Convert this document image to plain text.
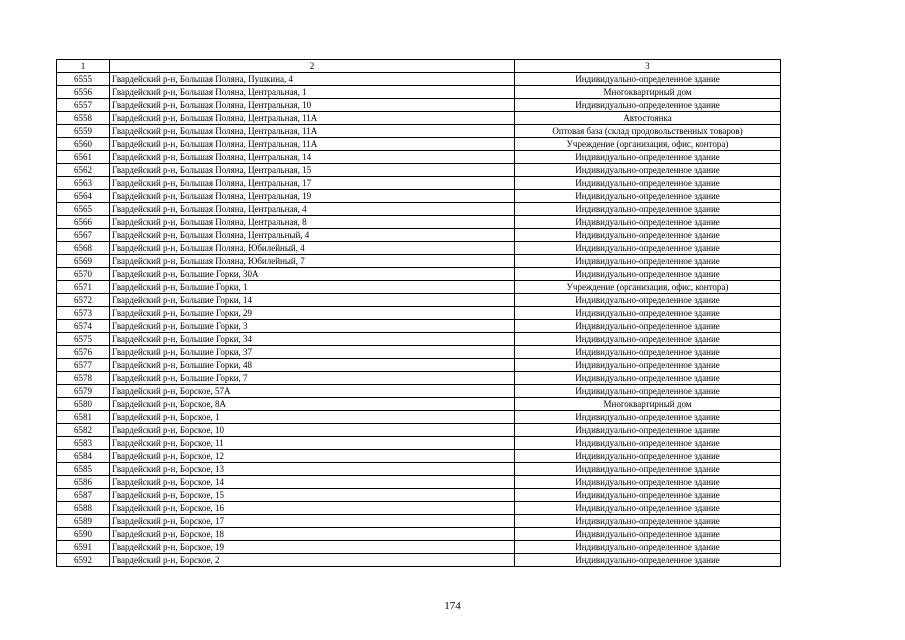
1	2	3
6555	Гвардейский р-н, Большая Поляна, Пушкина, 4	Индивидуально-определенное здание
6556	Гвардейский р-н, Большая Поляна, Центральная, 1	Многоквартирный дом
6557	Гвардейский р-н, Большая Поляна, Центральная, 10	Индивидуально-определенное здание
6558	Гвардейский р-н, Большая Поляна, Центральная, 11А	Автостоянка
6559	Гвардейский р-н, Большая Поляна, Центральная, 11А	Оптовая база (склад продовольственных товаров)
6560	Гвардейский р-н, Большая Поляна, Центральная, 11А	Учреждение (организация, офис, контора)
6561	Гвардейский р-н, Большая Поляна, Центральная, 14	Индивидуально-определенное здание
6562	Гвардейский р-н, Большая Поляна, Центральная, 15	Индивидуально-определенное здание
6563	Гвардейский р-н, Большая Поляна, Центральная, 17	Индивидуально-определенное здание
6564	Гвардейский р-н, Большая Поляна, Центральная, 19	Индивидуально-определенное здание
6565	Гвардейский р-н, Большая Поляна, Центральная, 4	Индивидуально-определенное здание
6566	Гвардейский р-н, Большая Поляна, Центральная, 8	Индивидуально-определенное здание
6567	Гвардейский р-н, Большая Поляна, Центральный, 4	Индивидуально-определенное здание
6568	Гвардейский р-н, Большая Поляна, Юбилейный, 4	Индивидуально-определенное здание
6569	Гвардейский р-н, Большая Поляна, Юбилейный, 7	Индивидуально-определенное здание
6570	Гвардейский р-н, Большие Горки, 30А	Индивидуально-определенное здание
6571	Гвардейский р-н, Большие Горки, 1	Учреждение (организация, офис, контора)
6572	Гвардейский р-н, Большие Горки, 14	Индивидуально-определенное здание
6573	Гвардейский р-н, Большие Горки, 29	Индивидуально-определенное здание
6574	Гвардейский р-н, Большие Горки, 3	Индивидуально-определенное здание
6575	Гвардейский р-н, Большие Горки, 34	Индивидуально-определенное здание
6576	Гвардейский р-н, Большие Горки, 37	Индивидуально-определенное здание
6577	Гвардейский р-н, Большие Горки, 48	Индивидуально-определенное здание
6578	Гвардейский р-н, Большие Горки, 7	Индивидуально-определенное здание
6579	Гвардейский р-н, Борское, 57А	Индивидуально-определенное здание
6580	Гвардейский р-н, Борское, 8А	Многоквартирный дом
6581	Гвардейский р-н, Борское, 1	Индивидуально-определенное здание
6582	Гвардейский р-н, Борское, 10	Индивидуально-определенное здание
6583	Гвардейский р-н, Борское, 11	Индивидуально-определенное здание
6584	Гвардейский р-н, Борское, 12	Индивидуально-определенное здание
6585	Гвардейский р-н, Борское, 13	Индивидуально-определенное здание
6586	Гвардейский р-н, Борское, 14	Индивидуально-определенное здание
6587	Гвардейский р-н, Борское, 15	Индивидуально-определенное здание
6588	Гвардейский р-н, Борское, 16	Индивидуально-определенное здание
6589	Гвардейский р-н, Борское, 17	Индивидуально-определенное здание
6590	Гвардейский р-н, Борское, 18	Индивидуально-определенное здание
6591	Гвардейский р-н, Борское, 19	Индивидуально-определенное здание
6592	Гвардейский р-н, Борское, 2	Индивидуально-определенное здание
174
